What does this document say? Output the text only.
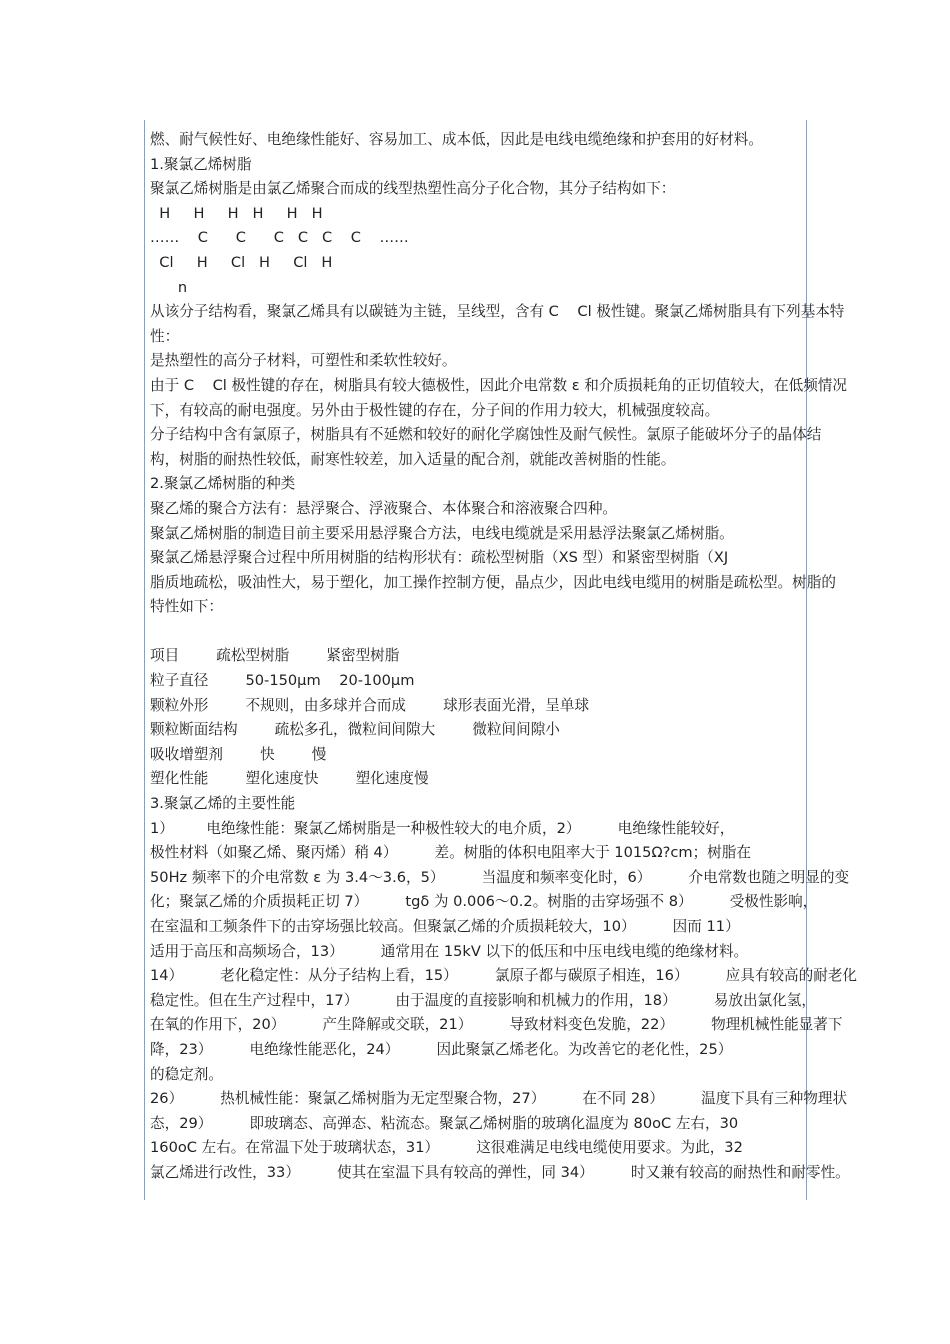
燃、耐气候性好、电绝缘性能好、容易加工、成本低，因此是电线电缆绝缘和护套用的好材料。
1.聚氯乙烯树脂
聚氯乙烯树脂是由氯乙烯聚合而成的线型热塑性高分子化合物，其分子结构如下：
H     H     H   H     H   H
……    C      C      C   C   C    C    ……
Cl     H     Cl   H     Cl   H
n
从该分子结构看，聚氯乙烯具有以碳链为主链，呈线型，含有 C    Cl 极性键。聚氯乙烯树脂具有下列基本特
性：
是热塑性的高分子材料，可塑性和柔软性较好。
由于 C    Cl 极性键的存在，树脂具有较大德极性，因此介电常数 ε 和介质损耗角的正切值较大，在低频情况
下，有较高的耐电强度。另外由于极性键的存在，分子间的作用力较大，机械强度较高。
分子结构中含有氯原子，树脂具有不延燃和较好的耐化学腐蚀性及耐气候性。氯原子能破坏分子的晶体结
构，树脂的耐热性较低，耐寒性较差，加入适量的配合剂，就能改善树脂的性能。
2.聚氯乙烯树脂的种类
聚乙烯的聚合方法有：悬浮聚合、浮液聚合、本体聚合和溶液聚合四种。
聚氯乙烯树脂的制造目前主要采用悬浮聚合方法，电线电缆就是采用悬浮法聚氯乙烯树脂。
聚氯乙烯悬浮聚合过程中所用树脂的结构形状有：疏松型树脂（XS 型）和紧密型树脂（XJ
脂质地疏松，吸油性大，易于塑化，加工操作控制方便，晶点少，因此电线电缆用的树脂是疏松型。树脂的
特性如下：
项目        疏松型树脂        紧密型树脂
粒子直径        50-150μm    20-100μm
颗粒外形        不规则，由多球并合而成        球形表面光滑，呈单球
颗粒断面结构        疏松多孔，微粒间间隙大        微粒间间隙小
吸收增塑剂        快        慢
塑化性能        塑化速度快        塑化速度慢
3.聚氯乙烯的主要性能
1）       电绝缘性能：聚氯乙烯树脂是一种极性较大的电介质，2）        电绝缘性能较好，
极性材料（如聚乙烯、聚丙烯）稍 4）        差。树脂的体积电阻率大于 1015Ω?cm；树脂在
50Hz 频率下的介电常数 ε 为 3.4～3.6，5）        当温度和频率变化时，6）        介电常数也随之明显的变
化；聚氯乙烯的介质损耗正切 7）        tgδ 为 0.006～0.2。树脂的击穿场强不 8）        受极性影响，
在室温和工频条件下的击穿场强比较高。但聚氯乙烯的介质损耗较大，10）        因而 11）
适用于高压和高频场合，13）        通常用在 15kV 以下的低压和中压电线电缆的绝缘材料。
14）        老化稳定性：从分子结构上看，15）        氯原子都与碳原子相连，16）        应具有较高的耐老化
稳定性。但在生产过程中，17）        由于温度的直接影响和机械力的作用，18）        易放出氯化氢，
在氧的作用下，20）        产生降解或交联，21）        导致材料变色发脆，22）        物理机械性能显著下
降，23）        电绝缘性能恶化，24）        因此聚氯乙烯老化。为改善它的老化性，25）
的稳定剂。
26）        热机械性能：聚氯乙烯树脂为无定型聚合物，27）        在不同 28）        温度下具有三种物理状
态，29）        即玻璃态、高弹态、粘流态。聚氯乙烯树脂的玻璃化温度为 80oC 左右，30
160oC 左右。在常温下处于玻璃状态，31）        这很难满足电线电缆使用要求。为此，32
氯乙烯进行改性，33）        使其在室温下具有较高的弹性，同 34）        时又兼有较高的耐热性和耐零性。
